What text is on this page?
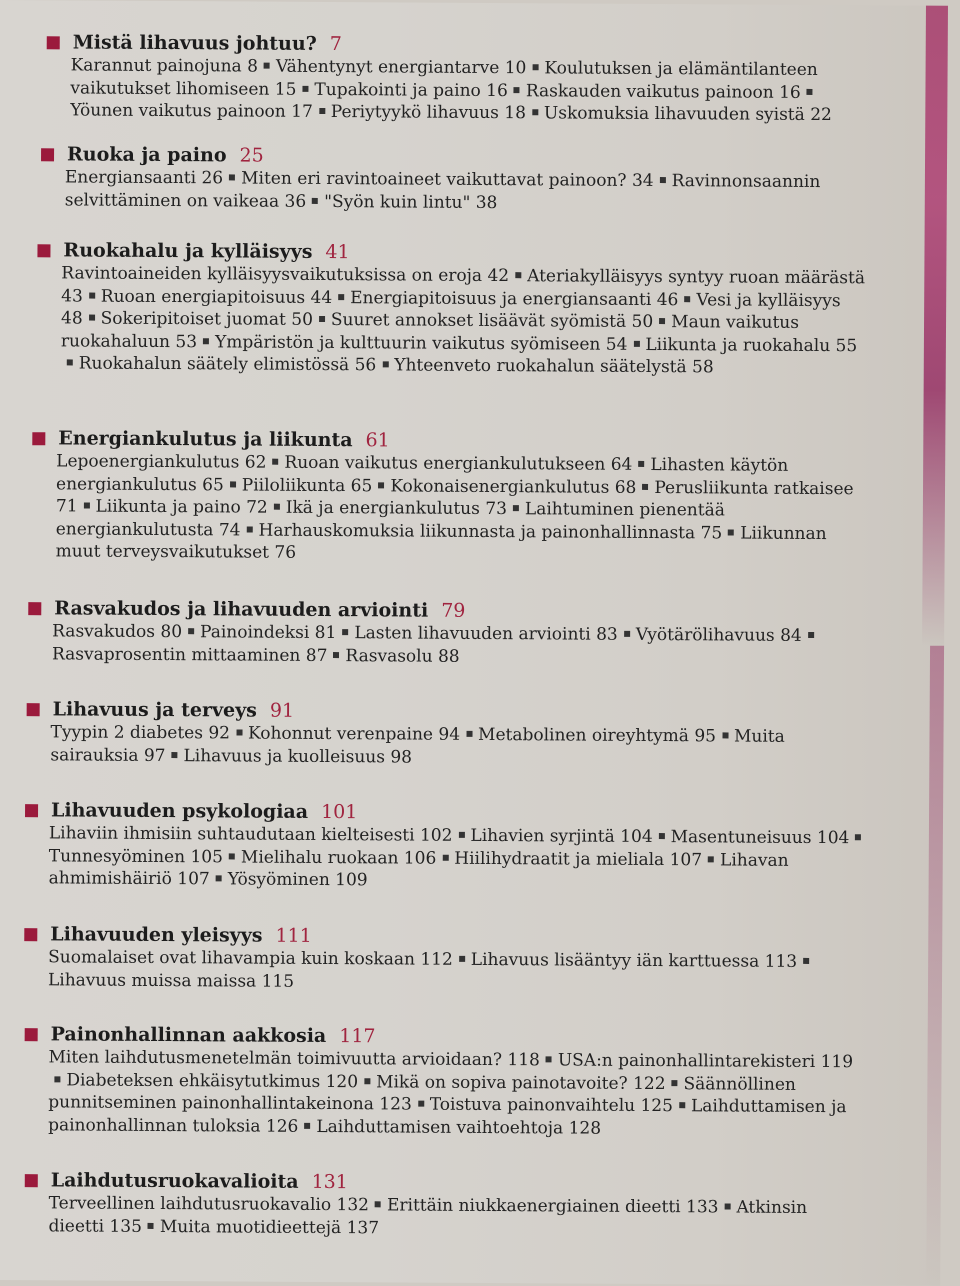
Mistä lihavuus johtuu? 7
Karannut painojuna 8 Vähentynyt energiantarve 10 Koulutuksen ja elämäntilanteen vaikutukset lihomiseen 15 Tupakointi ja paino 16 Raskauden vaikutus painoon 16Yöunen vaikutus painoon 17 Periytyykö lihavuus 18 Uskomuksia lihavuuden syistä 22
Ruoka ja paino 25
Energiansaanti 26 Miten eri ravintoaineet vaikuttavat painoon? 34 Ravinnonsaannin selvittäminen on vaikeaa 36 "Syön kuin lintu" 38
Ruokahalu ja kylläisyys 41
Ravintoaineiden kylläisyysvaikutuksissa on eroja 42 Ateriakylläisyys syntyy ruoan määrästä 43 Ruoan energiapitoisuus 44 Energiapitoisuus ja energiansaanti 46 Vesi ja kylläisyys 48 Sokeripitoiset juomat 50 Suuret annokset lisäävät syömistä 50 Maun vaikutus ruokahaluun 53 Ympäristön ja kulttuurin vaikutus syömiseen 54 Liikunta ja ruokahalu 55Ruokahalun säätely elimistössä 56 Yhteenveto ruokahalun säätelystä 58
Energiankulutus ja liikunta 61
Lepoenergiankulutus 62 Ruoan vaikutus energiankulutukseen 64 Lihasten käytön energiankulutus 65 Piiloliikunta 65 Kokonaisenergiankulutus 68 Perusliikunta ratkaisee 71 Liikunta ja paino 72 Ikä ja energiankulutus 73 Laihtuminen pienentää energiankulutusta 74 Harhauskomuksia liikunnasta ja painonhallinnasta 75 Liikunnan muut terveysvaikutukset 76
Rasvakudos ja lihavuuden arviointi 79
Rasvakudos 80 Painoindeksi 81 Lasten lihavuuden arviointi 83 Vyötärölihavuus 84Rasvaprosentin mittaaminen 87 Rasvasolu 88
Lihavuus ja terveys 91
Tyypin 2 diabetes 92 Kohonnut verenpaine 94 Metabolinen oireyhtymä 95 Muita sairauksia 97 Lihavuus ja kuolleisuus 98
Lihavuuden psykologiaa 101
Lihaviin ihmisiin suhtaudutaan kielteisesti 102 Lihavien syrjintä 104 Masentuneisuus 104Tunnesyöminen 105 Mielihalu ruokaan 106 Hiilihydraatit ja mieliala 107 Lihavan ahmimishäiriö 107 Yösyöminen 109
Lihavuuden yleisyys 111
Suomalaiset ovat lihavampia kuin koskaan 112 Lihavuus lisääntyy iän karttuessa 113Lihavuus muissa maissa 115
Painonhallinnan aakkosia 117
Miten laihdutusmenetelmän toimivuutta arvioidaan? 118 USA:n painonhallintarekisteri 119Diabeteksen ehkäisytutkimus 120 Mikä on sopiva painotavoite? 122 Säännöllinen punnitseminen painonhallintakeinona 123 Toistuva painonvaihtelu 125 Laihduttamisen ja painonhallinnan tuloksia 126 Laihduttamisen vaihtoehtoja 128
Laihdutusruokavalioita 131
Terveellinen laihdutusruokavalio 132 Erittäin niukkaenergiainen dieetti 133 Atkinsin dieetti 135 Muita muotidieettejä 137
